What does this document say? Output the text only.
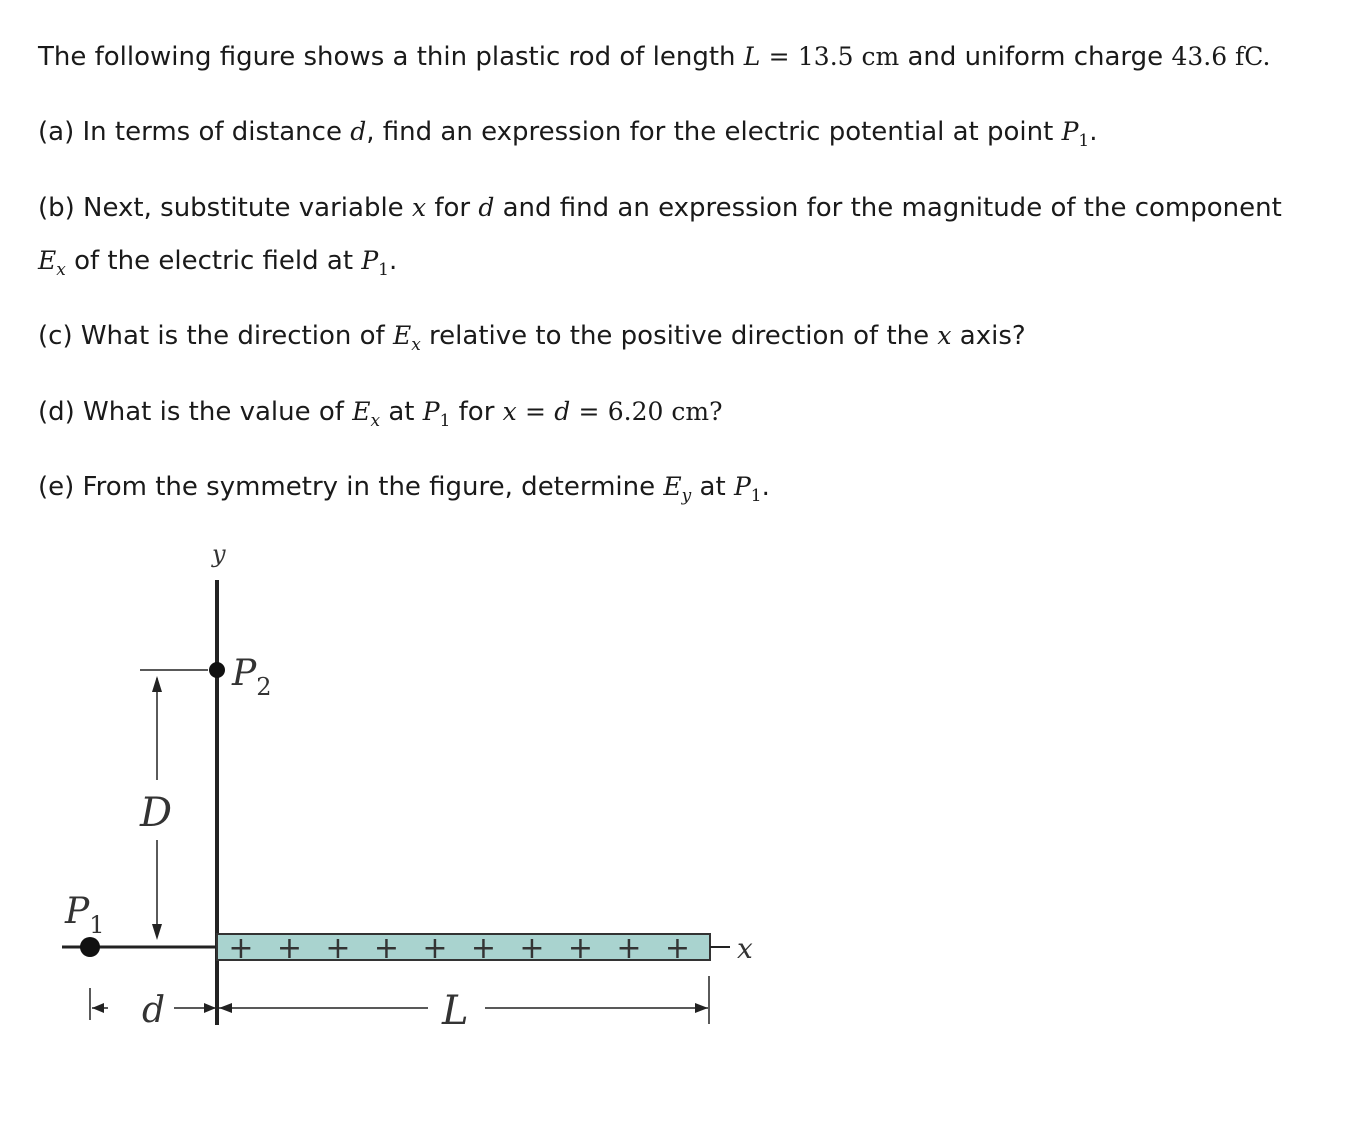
The following figure shows a thin plastic rod of length L = 13.5 cm and uniform charge 43.6 fC.
(a) In terms of distance d, find an expression for the electric potential at point $P_1$.
(b) Next, substitute variable x for d and find an expression for the magnitude of the component
$E_x$ of the electric field at $P_1$.
(c) What is the direction of $E_x$ relative to the positive direction of the x axis?
(d) What is the value of $E_x$ at $P_1$ for x = d = 6.20 cm?
(e) From the symmetry in the figure, determine $E_y$ at $P_1$.
y
+ + + + + + + + + + x
$P_2$
D
$P_1$
d	L
